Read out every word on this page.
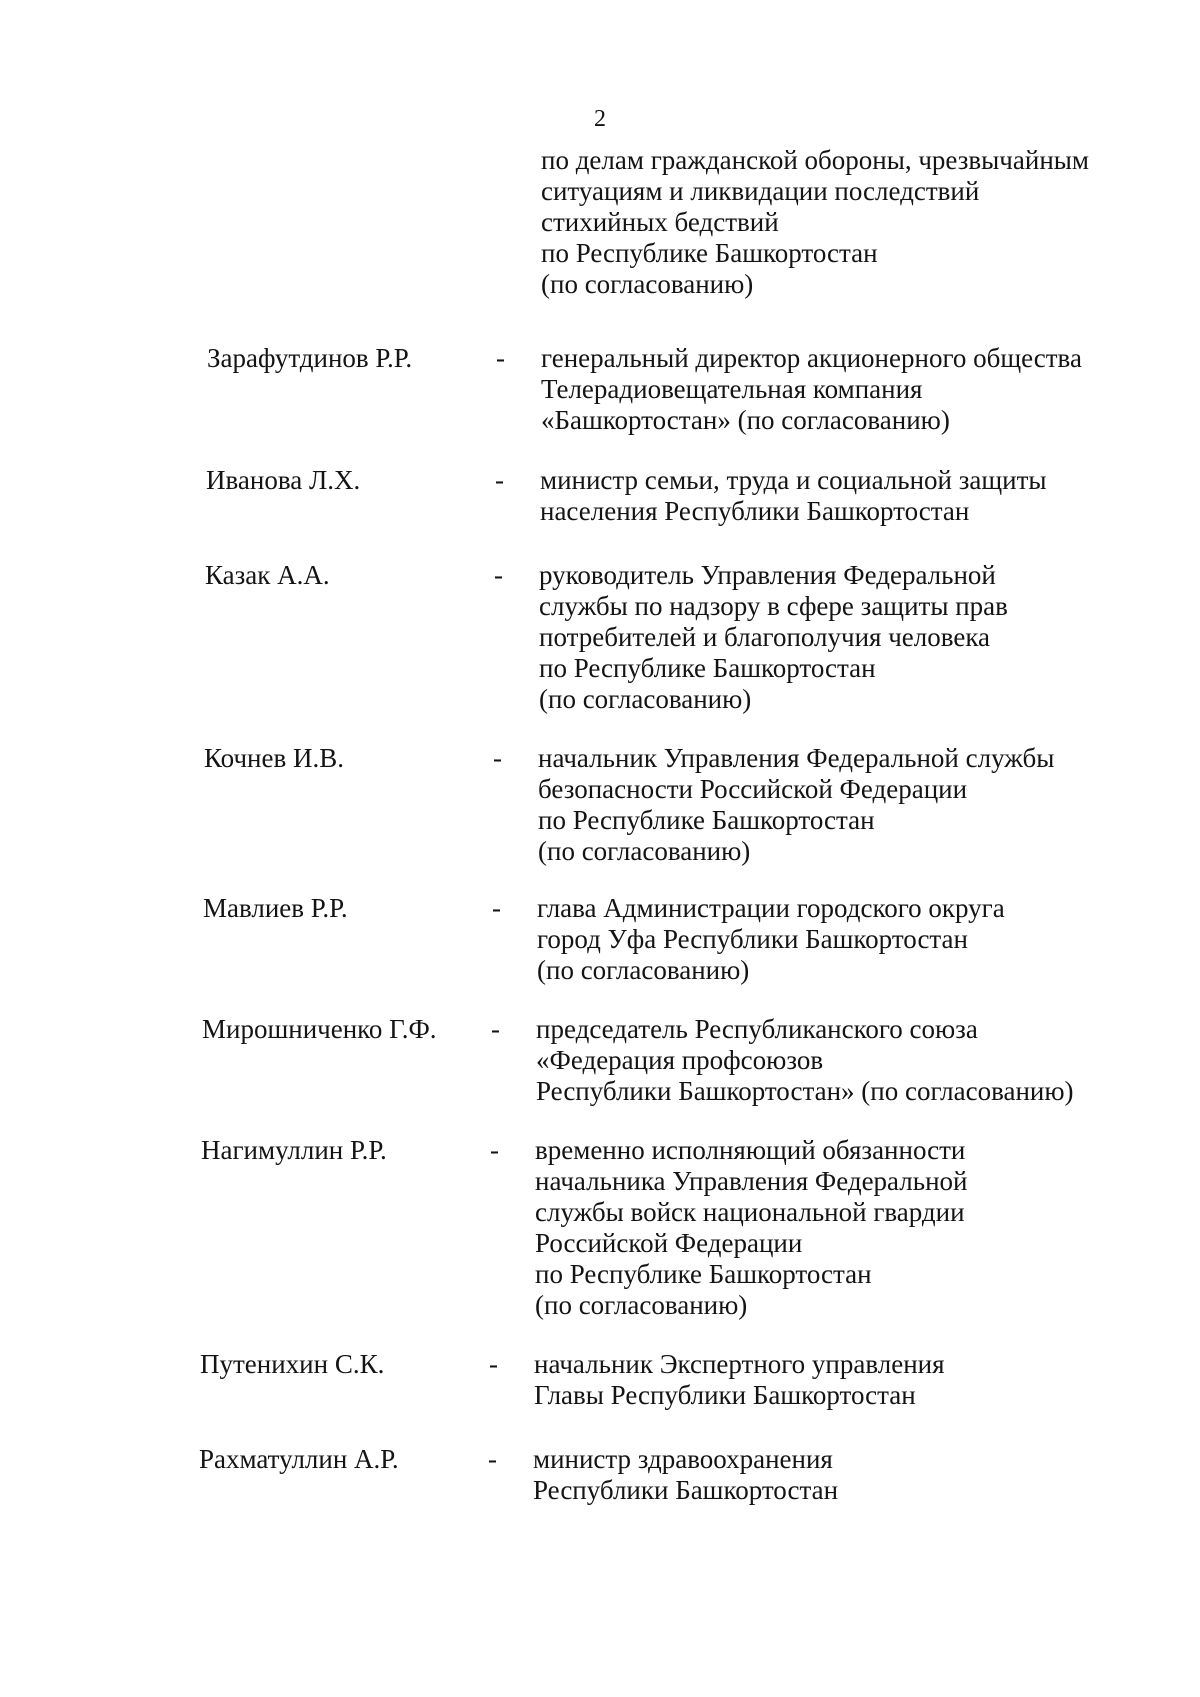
2
по делам гражданской обороны, чрезвычайным
ситуациям и ликвидации последствий
стихийных бедствий
по Республике Башкортостан
(по согласованию)
Зарафутдинов Р.Р.	- генеральный директор акционерного общества
Телерадиовещательная компания
«Башкортостан» (по согласованию)
Иванова Л.Х.	- министр семьи, труда и социальной защиты
населения Республики Башкортостан
Казак А.А.	- руководитель Управления Федеральной
службы по надзору в сфере защиты прав
потребителей и благополучия человека
по Республике Башкортостан
(по согласованию)
Кочнев И.В.	- начальник Управления Федеральной службы
безопасности Российской Федерации
по Республике Башкортостан
(по согласованию)
Мавлиев Р.Р.	- глава Администрации городского округа
город Уфа Республики Башкортостан
(по согласованию)
Мирошниченко Г.Ф. - председатель Республиканского союза
«Федерация профсоюзов
Республики Башкортостан» (по согласованию)
Нагимуллин Р.Р.	- временно исполняющий обязанности
начальника Управления Федеральной
службы войск национальной гвардии
Российской Федерации
по Республике Башкортостан
(по согласованию)
Путенихин С.К.	- начальник Экспертного управления
Главы Республики Башкортостан
Рахматуллин А.Р.	- министр здравоохранения
Республики Башкортостан
